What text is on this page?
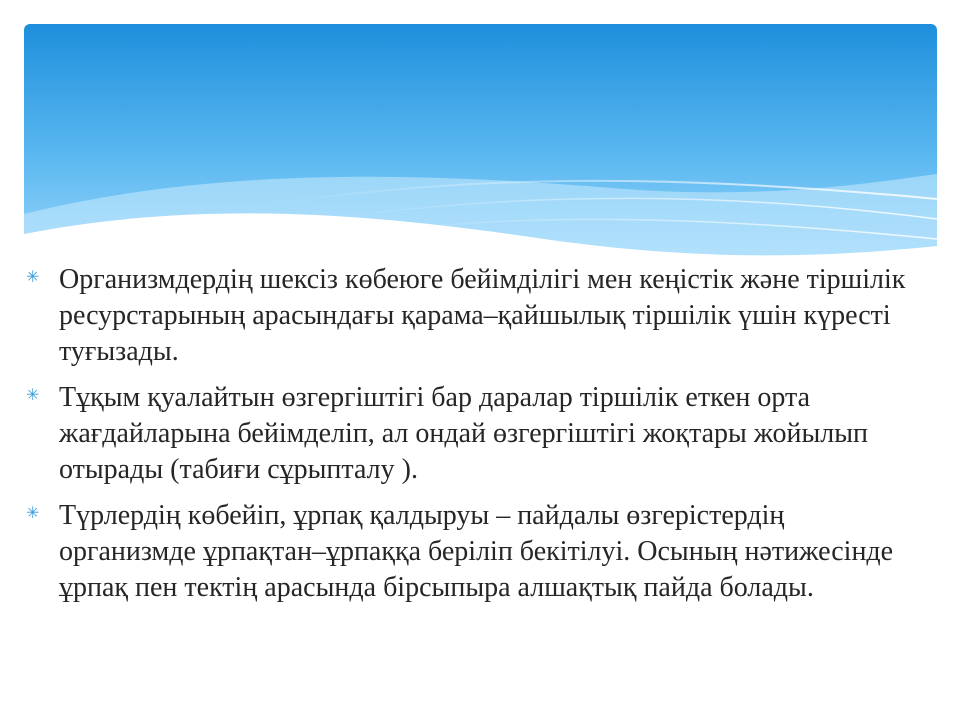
✳ Организмдердің шексіз көбеюге бейімділігі мен кеңістік және тіршілік ресурстарының арасындағы қарама–қайшылық тіршілік үшін күресті туғызады.
✳ Тұқым қуалайтын өзгергіштігі бар даралар тіршілік еткен орта жағдайларына бейімделіп, ал ондай өзгергіштігі жоқтары жойылып отырады (табиғи сұрыпталу ).
✳ Түрлердің көбейіп, ұрпақ қалдыруы – пайдалы өзгерістердің организмде ұрпақтан–ұрпаққа беріліп бекітілуі. Осының нәтижесінде ұрпақ пен тектің арасында бірсыпыра алшақтық пайда болады.
